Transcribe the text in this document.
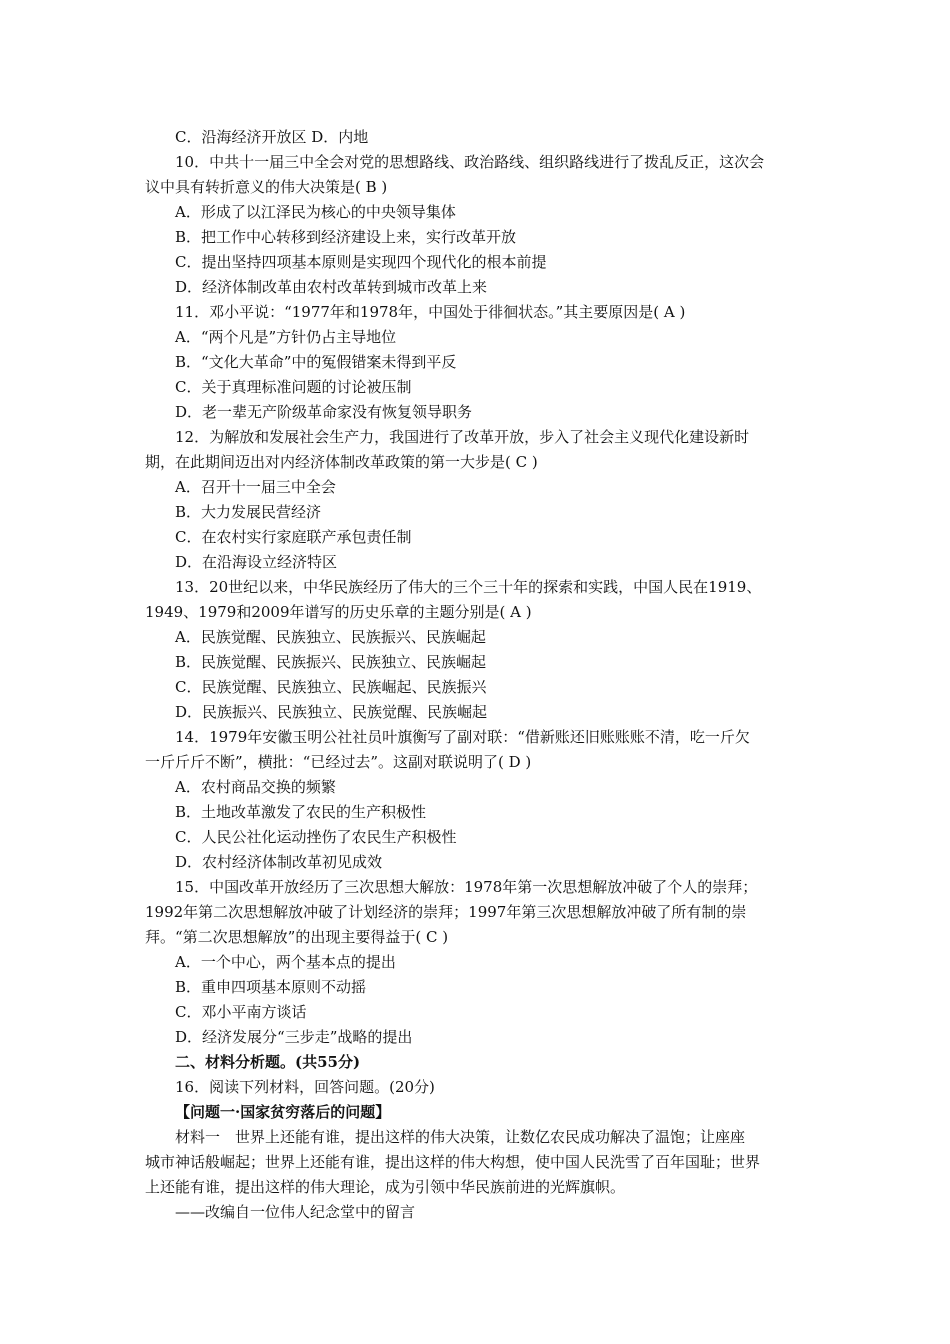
C．沿海经济开放区 D．内地
10．中共十一届三中全会对党的思想路线、政治路线、组织路线进行了拨乱反正，这次会
议中具有转折意义的伟大决策是( B )
A．形成了以江泽民为核心的中央领导集体
B．把工作中心转移到经济建设上来，实行改革开放
C．提出坚持四项基本原则是实现四个现代化的根本前提
D．经济体制改革由农村改革转到城市改革上来
11．邓小平说：“1977年和1978年，中国处于徘徊状态。”其主要原因是( A )
A．“两个凡是”方针仍占主导地位
B．“文化大革命”中的冤假错案未得到平反
C．关于真理标准问题的讨论被压制
D．老一辈无产阶级革命家没有恢复领导职务
12．为解放和发展社会生产力，我国进行了改革开放，步入了社会主义现代化建设新时
期，在此期间迈出对内经济体制改革政策的第一大步是( C )
A．召开十一届三中全会
B．大力发展民营经济
C．在农村实行家庭联产承包责任制
D．在沿海设立经济特区
13．20世纪以来，中华民族经历了伟大的三个三十年的探索和实践，中国人民在1919、
1949、1979和2009年谱写的历史乐章的主题分别是( A )
A．民族觉醒、民族独立、民族振兴、民族崛起
B．民族觉醒、民族振兴、民族独立、民族崛起
C．民族觉醒、民族独立、民族崛起、民族振兴
D．民族振兴、民族独立、民族觉醒、民族崛起
14．1979年安徽玉明公社社员叶旗衡写了副对联：“借新账还旧账账账不清，吃一斤欠
一斤斤斤不断”，横批：“已经过去”。这副对联说明了( D )
A．农村商品交换的频繁
B．土地改革激发了农民的生产积极性
C．人民公社化运动挫伤了农民生产积极性
D．农村经济体制改革初见成效
15．中国改革开放经历了三次思想大解放：1978年第一次思想解放冲破了个人的崇拜；
1992年第二次思想解放冲破了计划经济的崇拜；1997年第三次思想解放冲破了所有制的崇
拜。“第二次思想解放”的出现主要得益于( C )
A．一个中心，两个基本点的提出
B．重申四项基本原则不动摇
C．邓小平南方谈话
D．经济发展分“三步走”战略的提出
二、材料分析题。(共55分)
16．阅读下列材料，回答问题。(20分)
【问题一·国家贫穷落后的问题】
材料一　世界上还能有谁，提出这样的伟大决策，让数亿农民成功解决了温饱；让座座
城市神话般崛起；世界上还能有谁，提出这样的伟大构想，使中国人民洗雪了百年国耻；世界
上还能有谁，提出这样的伟大理论，成为引领中华民族前进的光辉旗帜。
——改编自一位伟人纪念堂中的留言
